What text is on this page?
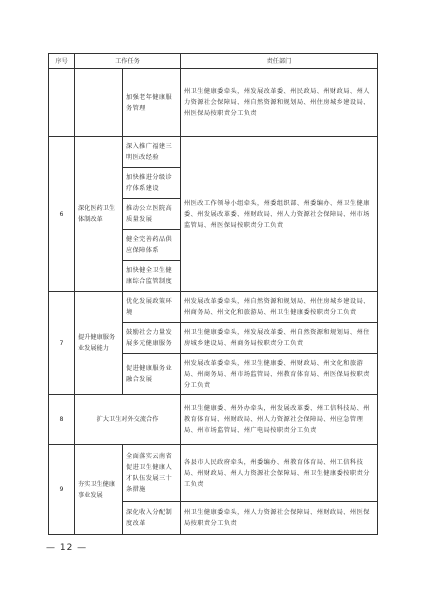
序号	工作任务		责任部门
		加强老年健康服务管理	州卫生健康委牵头，州发展改革委、州民政局、州财政局、州人力资源社会保障局、州自然资源和规划局、州住房城乡建设局、州医保局按职责分工负责
6	深化医药卫生体制改革	深入推广福建三明医改经验	州医改工作领导小组牵头，州委组织部、州委编办、州卫生健康委、州发展改革委、州财政局、州人力资源社会保障局、州市场监管局、州医保局按职责分工负责
		加快推进分级诊疗体系建设	
		推动公立医院高质量发展	
		健全完善药品供应保障体系	
		加快健全卫生健康综合监管制度	
7	提升健康服务业发展能力	优化发展政策环境	州发展改革委牵头，州自然资源和规划局、州住房城乡建设局、州商务局、州文化和旅游局、州卫生健康委按职责分工负责
		鼓励社会力量发展多元健康服务	州卫生健康委牵头，州发展改革委、州自然资源和规划局、州住房城乡建设局、州商务局按职责分工负责
		促进健康服务业融合发展	州发展改革委牵头，州卫生健康委、州财政局、州文化和旅游局、州商务局、州市场监管局、州教育体育局、州医保局按职责分工负责
8	扩大卫生对外交流合作		州卫生健康委、州外办牵头，州发展改革委、州工信科技局、州教育体育局、州财政局、州人力资源社会保障局、州应急管理局、州市场监管局、州广电局按职责分工负责
9	夯实卫生健康事业发展	全面落实云南省促进卫生健康人才队伍发展三十条措施	各县市人民政府牵头，州委编办、州教育体育局、州工信科技局、州财政局、州人力资源社会保障局、州卫生健康委按职责分工负责
		深化收入分配制度改革	州卫生健康委牵头，州人力资源社会保障局、州财政局、州医保局按职责分工负责
— 12 —
